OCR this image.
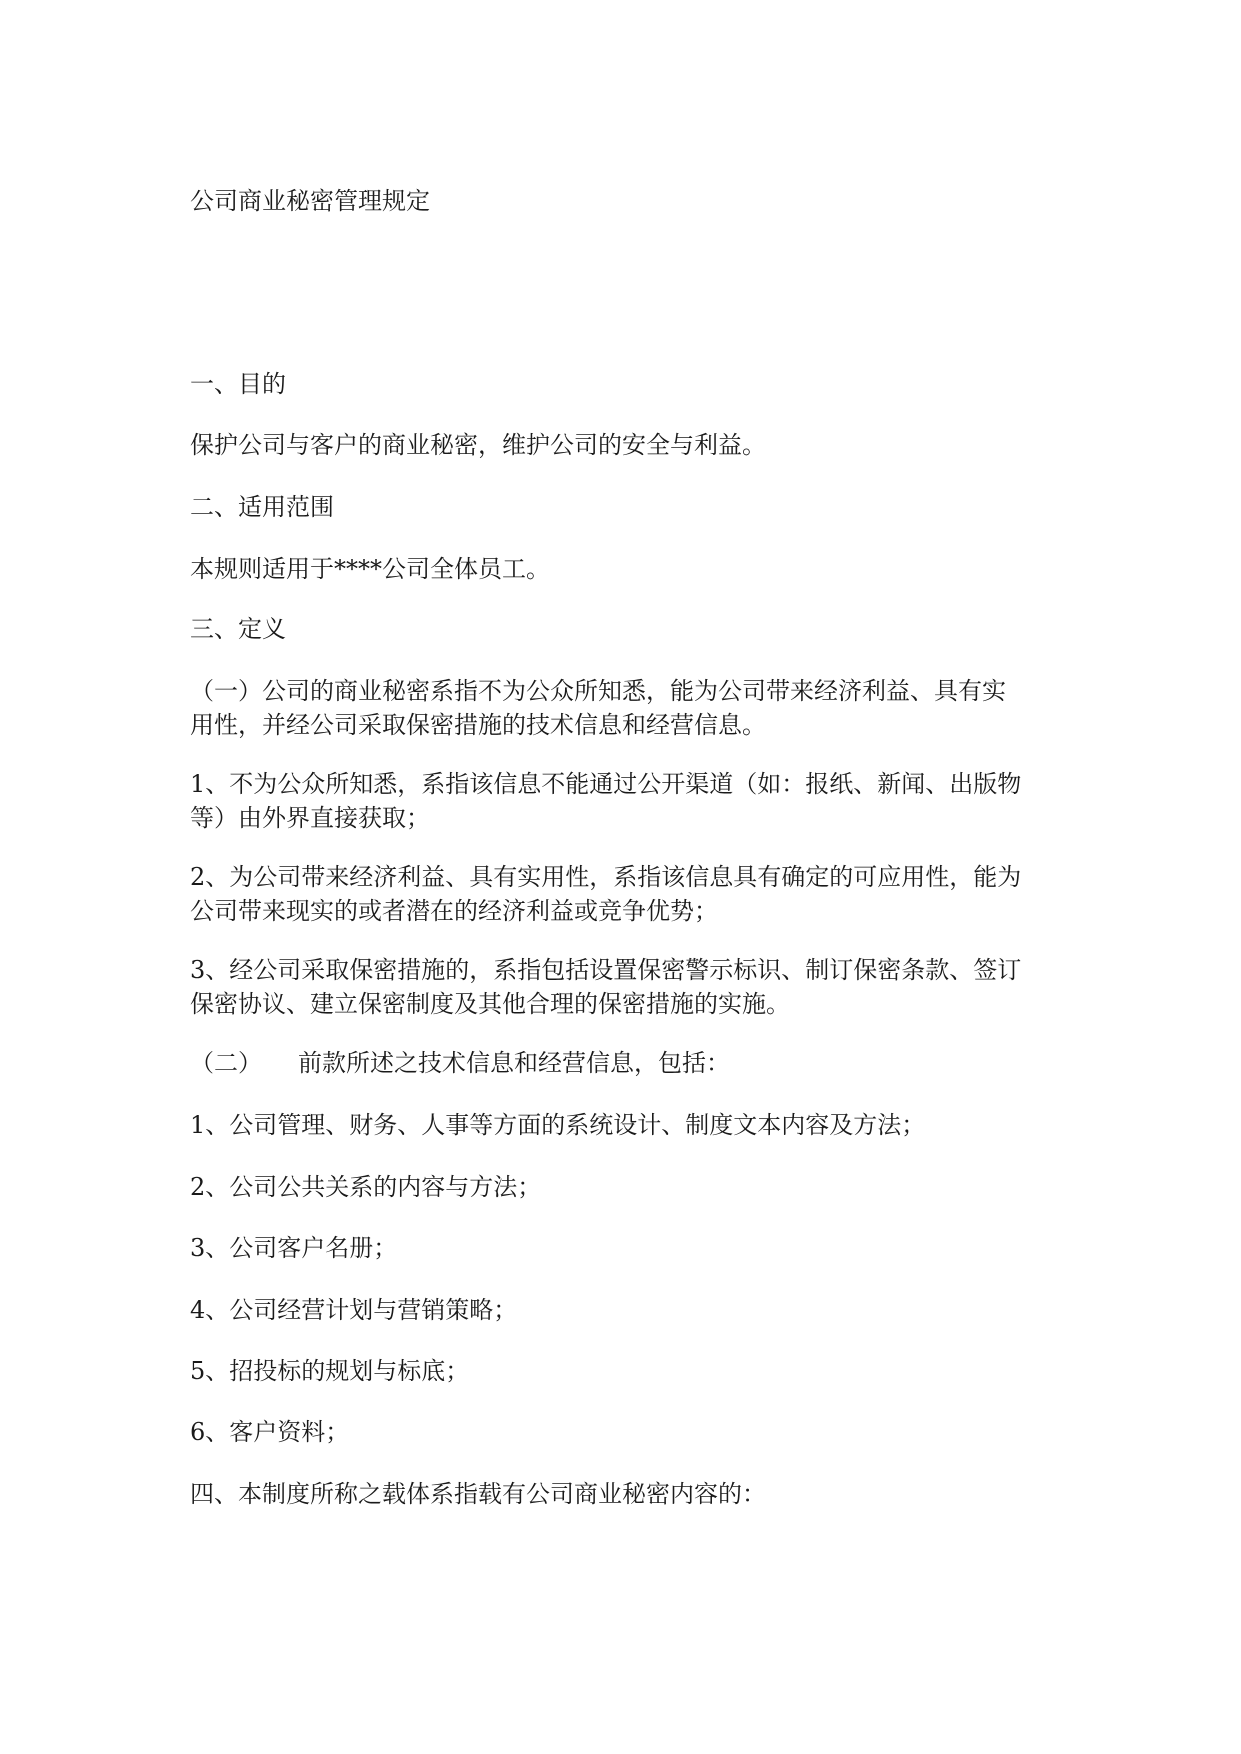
公司商业秘密管理规定

一、目的

保护公司与客户的商业秘密，维护公司的安全与利益。

二、适用范围

本规则适用于****公司全体员工。

三、定义

（一）公司的商业秘密系指不为公众所知悉，能为公司带来经济利益、具有实
用性，并经公司采取保密措施的技术信息和经营信息。
1、不为公众所知悉，系指该信息不能通过公开渠道（如：报纸、新闻、出版物
等）由外界直接获取；
2、为公司带来经济利益、具有实用性，系指该信息具有确定的可应用性，能为
公司带来现实的或者潜在的经济利益或竞争优势；
3、经公司采取保密措施的，系指包括设置保密警示标识、制订保密条款、签订
保密协议、建立保密制度及其他合理的保密措施的实施。

（二） 前款所述之技术信息和经营信息，包括：

1、公司管理、财务、人事等方面的系统设计、制度文本内容及方法；

2、公司公共关系的内容与方法；

3、公司客户名册；

4、公司经营计划与营销策略；

5、招投标的规划与标底；

6、客户资料；

四、本制度所称之载体系指载有公司商业秘密内容的：
